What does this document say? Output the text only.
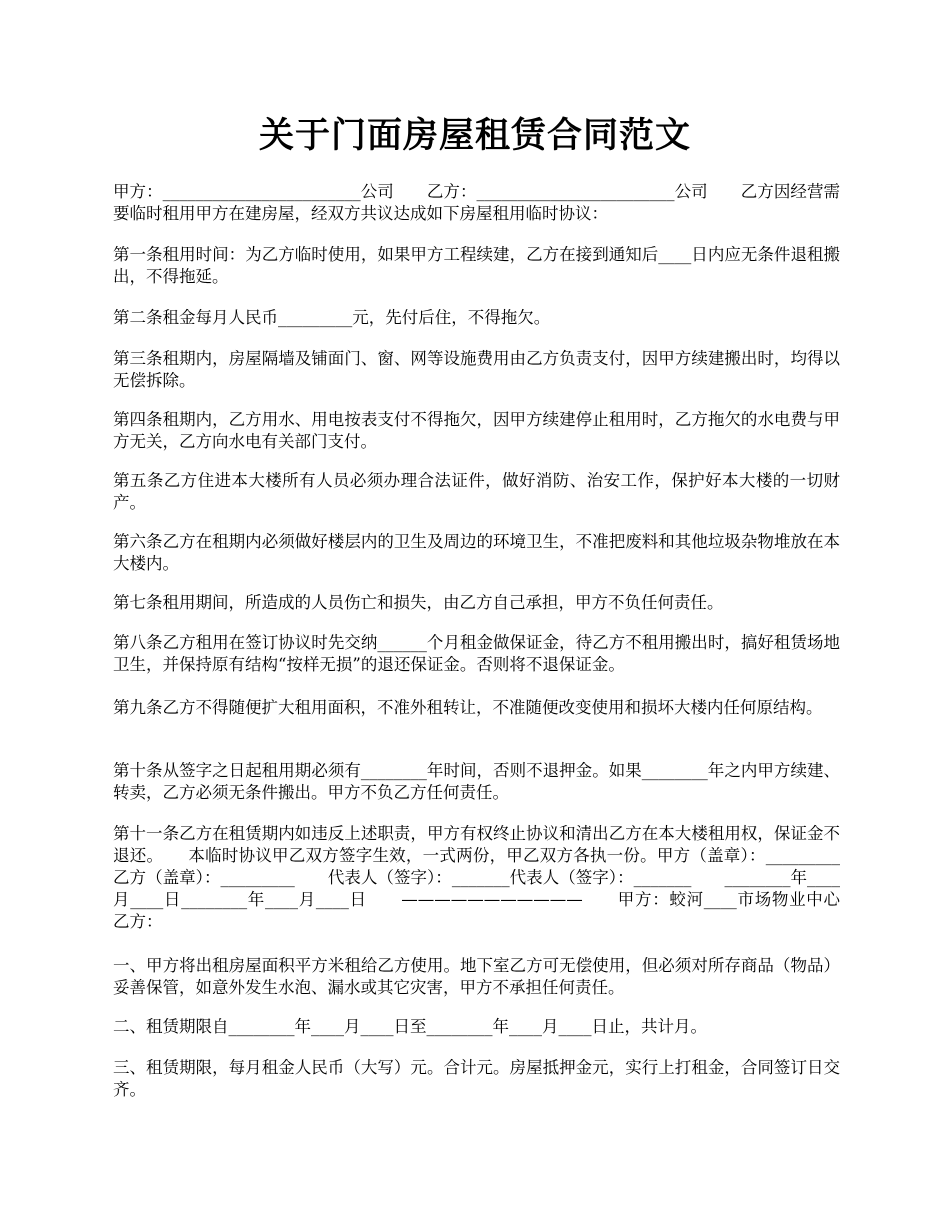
关于门面房屋租赁合同范文
甲方：________________________公司　　乙方：________________________公司　　乙方因经营需要临时租用甲方在建房屋，经双方共议达成如下房屋租用临时协议：
第一条租用时间：为乙方临时使用，如果甲方工程续建，乙方在接到通知后____日内应无条件退租搬出，不得拖延。
第二条租金每月人民币_________元，先付后住，不得拖欠。
第三条租期内，房屋隔墙及铺面门、窗、网等设施费用由乙方负责支付，因甲方续建搬出时，均得以无偿拆除。
第四条租期内，乙方用水、用电按表支付不得拖欠，因甲方续建停止租用时，乙方拖欠的水电费与甲方无关，乙方向水电有关部门支付。
第五条乙方住进本大楼所有人员必须办理合法证件，做好消防、治安工作，保护好本大楼的一切财产。
第六条乙方在租期内必须做好楼层内的卫生及周边的环境卫生，不准把废料和其他垃圾杂物堆放在本大楼内。
第七条租用期间，所造成的人员伤亡和损失，由乙方自己承担，甲方不负任何责任。
第八条乙方租用在签订协议时先交纳______个月租金做保证金，待乙方不租用搬出时，搞好租赁场地卫生，并保持原有结构“按样无损”的退还保证金。否则将不退保证金。
第九条乙方不得随便扩大租用面积，不准外租转让，不准随便改变使用和损坏大楼内任何原结构。
第十条从签字之日起租用期必须有________年时间，否则不退押金。如果________年之内甲方续建、转卖，乙方必须无条件搬出。甲方不负乙方任何责任。
第十一条乙方在租赁期内如违反上述职责，甲方有权终止协议和清出乙方在本大楼租用权，保证金不退还。　　本临时协议甲乙双方签字生效，一式两份，甲乙双方各执一份。甲方（盖章）：_________乙方（盖章）：_________　　代表人（签字）：_______代表人（签字）：_______　　________年____月____日________年____月____日　　———————————　　甲方：蛟河____市场物业中心　　乙方：
一、甲方将出租房屋面积平方米租给乙方使用。地下室乙方可无偿使用，但必须对所存商品（物品）妥善保管，如意外发生水泡、漏水或其它灾害，甲方不承担任何责任。
二、租赁期限自________年____月____日至________年____月____日止，共计月。
三、租赁期限，每月租金人民币（大写）元。合计元。房屋抵押金元，实行上打租金，合同签订日交齐。
